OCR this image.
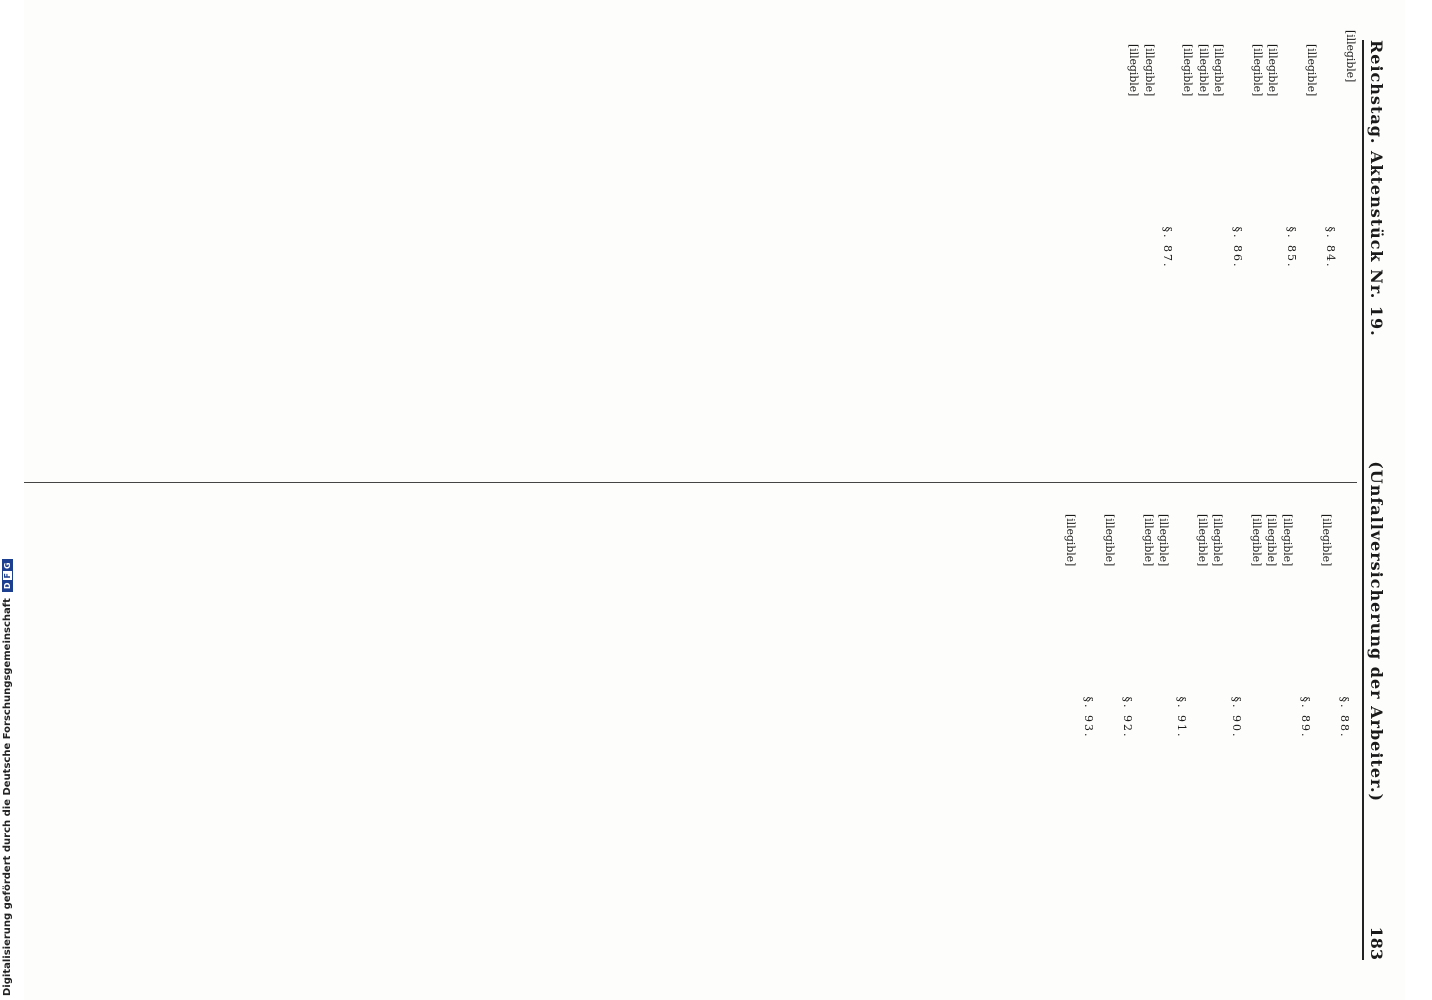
Reichstag. Aktenstück Nr. 19.
(Unfallversicherung der Arbeiter.)
183

[illegible]

§. 84.

[illegible]

§. 85.

[illegible]

[illegible]

§. 86.

[illegible]

[illegible]

[illegible]

§. 87.

[illegible]

[illegible]

§. 88.

[illegible]

§. 89.

[illegible]

[illegible]

[illegible]

§. 90.

[illegible]

[illegible]

§. 91.

[illegible]

[illegible]

§. 92.

[illegible]

§. 93.

[illegible]

Digitalisierung gefördert durch die Deutsche Forschungsgemeinschaft
D
F
G
